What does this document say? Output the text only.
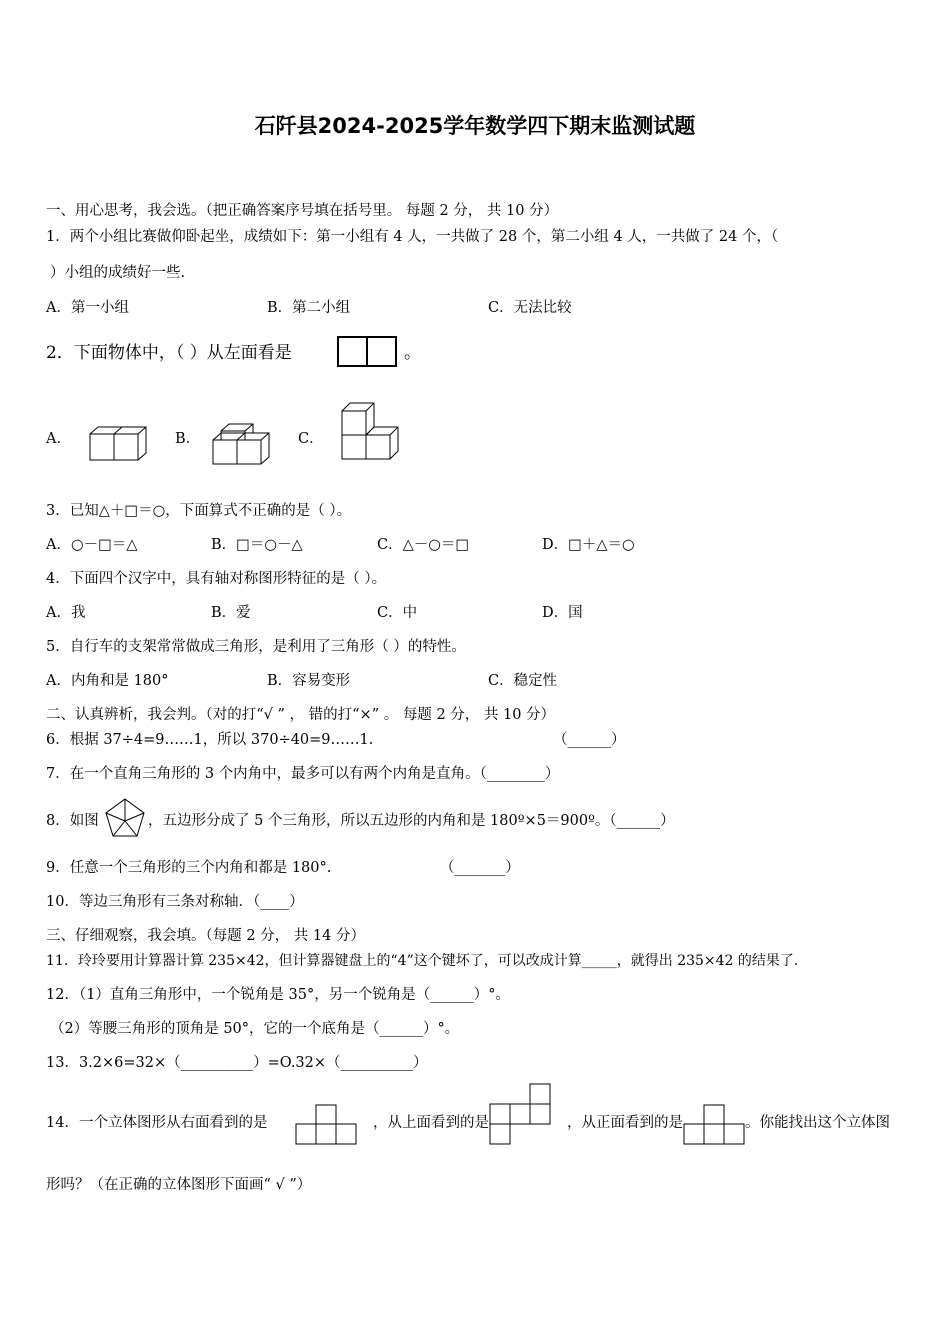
石阡县2024-2025学年数学四下期末监测试题
一、用心思考，我会选。（把正确答案序号填在括号里。 每题 2 分， 共 10 分）
1．两个小组比赛做仰卧起坐，成绩如下：第一小组有 4 人，一共做了 28 个，第二小组 4 人，一共做了 24 个，（
）小组的成绩好一些.
A．第一小组	B．第二小组	C．无法比较
2．下面物体中，（ ）从左面看是	。
A．	B．	C．
3．已知△＋□＝○，下面算式不正确的是（ ）。
A．○－□＝△	B．□＝○－△	C．△－○＝□	D．□＋△＝○
4．下面四个汉字中，具有轴对称图形特征的是（ ）。
A．我	B．爱	C．中	D．国
5．自行车的支架常常做成三角形，是利用了三角形（ ）的特性。
A．内角和是 180°	B．容易变形	C．稳定性
二、认真辨析，我会判。（对的打“√ ” ， 错的打“×” 。 每题 2 分， 共 10 分）
6．根据 37÷4=9……1，所以 370÷40=9……1.	（______）
7．在一个直角三角形的 3 个内角中，最多可以有两个内角是直角。（________）
8．如图	，五边形分成了 5 个三角形，所以五边形的内角和是 180º×5＝900º。（______）
9．任意一个三角形的三个内角和都是 180°.	（_______）
10．等边三角形有三条对称轴．（____）
三、仔细观察，我会填。（每题 2 分， 共 14 分）
11．玲玲要用计算器计算 235×42，但计算器键盘上的“4”这个键坏了，可以改成计算_____，就得出 235×42 的结果了.
12．（1）直角三角形中，一个锐角是 35°，另一个锐角是（______）°。
（2）等腰三角形的顶角是 50°，它的一个底角是（______）°。
13．3.2×6=32×（__________）=O.32×（__________）
14．一个立体图形从右面看到的是	，从上面看到的是	，从正面看到的是	。你能找出这个立体图
形吗？（在正确的立体图形下面画“ √ ”）
